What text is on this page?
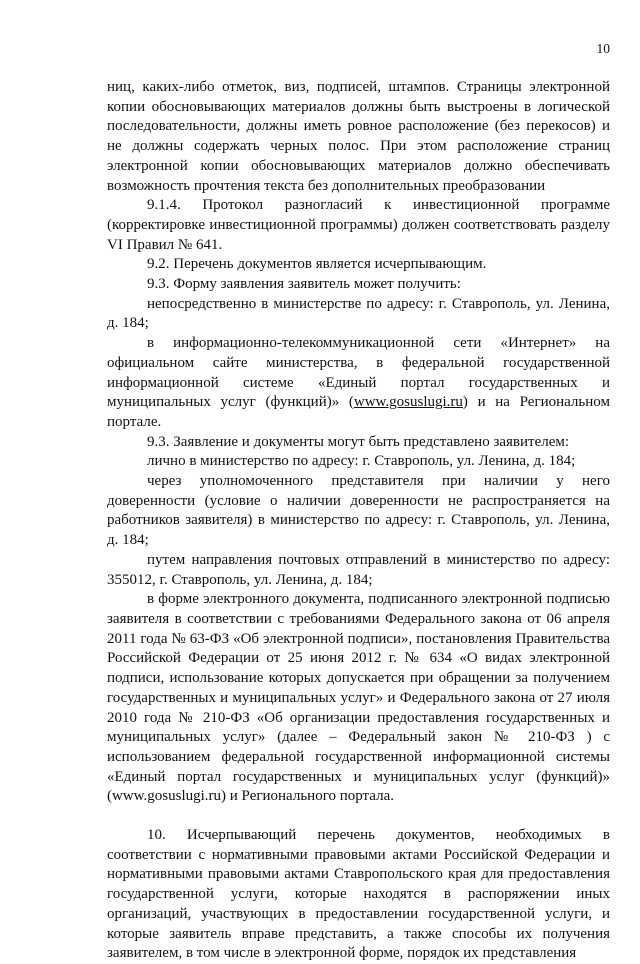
10

ниц, каких-либо отметок, виз, подписей, штампов. Страницы электронной копии обосновывающих материалов должны быть выстроены в логической последовательности, должны иметь ровное расположение (без перекосов) и не должны содержать черных полос. При этом расположение страниц электронной копии обосновывающих материалов должно обеспечивать возможность прочтения текста без дополнительных преобразовании

9.1.4. Протокол разногласий к инвестиционной программе (корректировке инвестиционной программы) должен соответствовать разделу VI Правил № 641.

9.2. Перечень документов является исчерпывающим.

9.3. Форму заявления заявитель может получить:

непосредственно в министерстве по адресу: г. Ставрополь, ул. Ленина, д. 184;

в информационно-телекоммуникационной сети «Интернет» на официальном сайте министерства, в федеральной государственной информационной системе «Единый портал государственных и муниципальных услуг (функций)» (www.gosuslugi.ru) и на Региональном портале.

9.3. Заявление и документы могут быть представлено заявителем:

лично в министерство по адресу: г. Ставрополь, ул. Ленина, д. 184;

через уполномоченного представителя при наличии у него доверенности (условие о наличии доверенности не распространяется на работников заявителя) в министерство по адресу: г. Ставрополь, ул. Ленина, д. 184;

путем направления почтовых отправлений в министерство по адресу: 355012, г. Ставрополь, ул. Ленина, д. 184;

в форме электронного документа, подписанного электронной подписью заявителя в соответствии с требованиями Федерального закона от 06 апреля 2011 года № 63-ФЗ «Об электронной подписи», постановления Правительства Российской Федерации от 25 июня 2012 г. № 634 «О видах электронной подписи, использование которых допускается при обращении за получением государственных и муниципальных услуг» и Федерального закона от 27 июля 2010 года № 210-ФЗ «Об организации предоставления государственных и муниципальных услуг» (далее – Федеральный закон № 210-ФЗ ) с использованием федеральной государственной информационной системы «Единый портал государственных и муниципальных услуг (функций)» (www.gosuslugi.ru) и Регионального портала.

10. Исчерпывающий перечень документов, необходимых в соответствии с нормативными правовыми актами Российской Федерации и нормативными правовыми актами Ставропольского края для предоставления государственной услуги, которые находятся в распоряжении иных организаций, участвующих в предоставлении государственной услуги, и которые заявитель вправе представить, а также способы их получения заявителем, в том числе в электронной форме, порядок их представления
